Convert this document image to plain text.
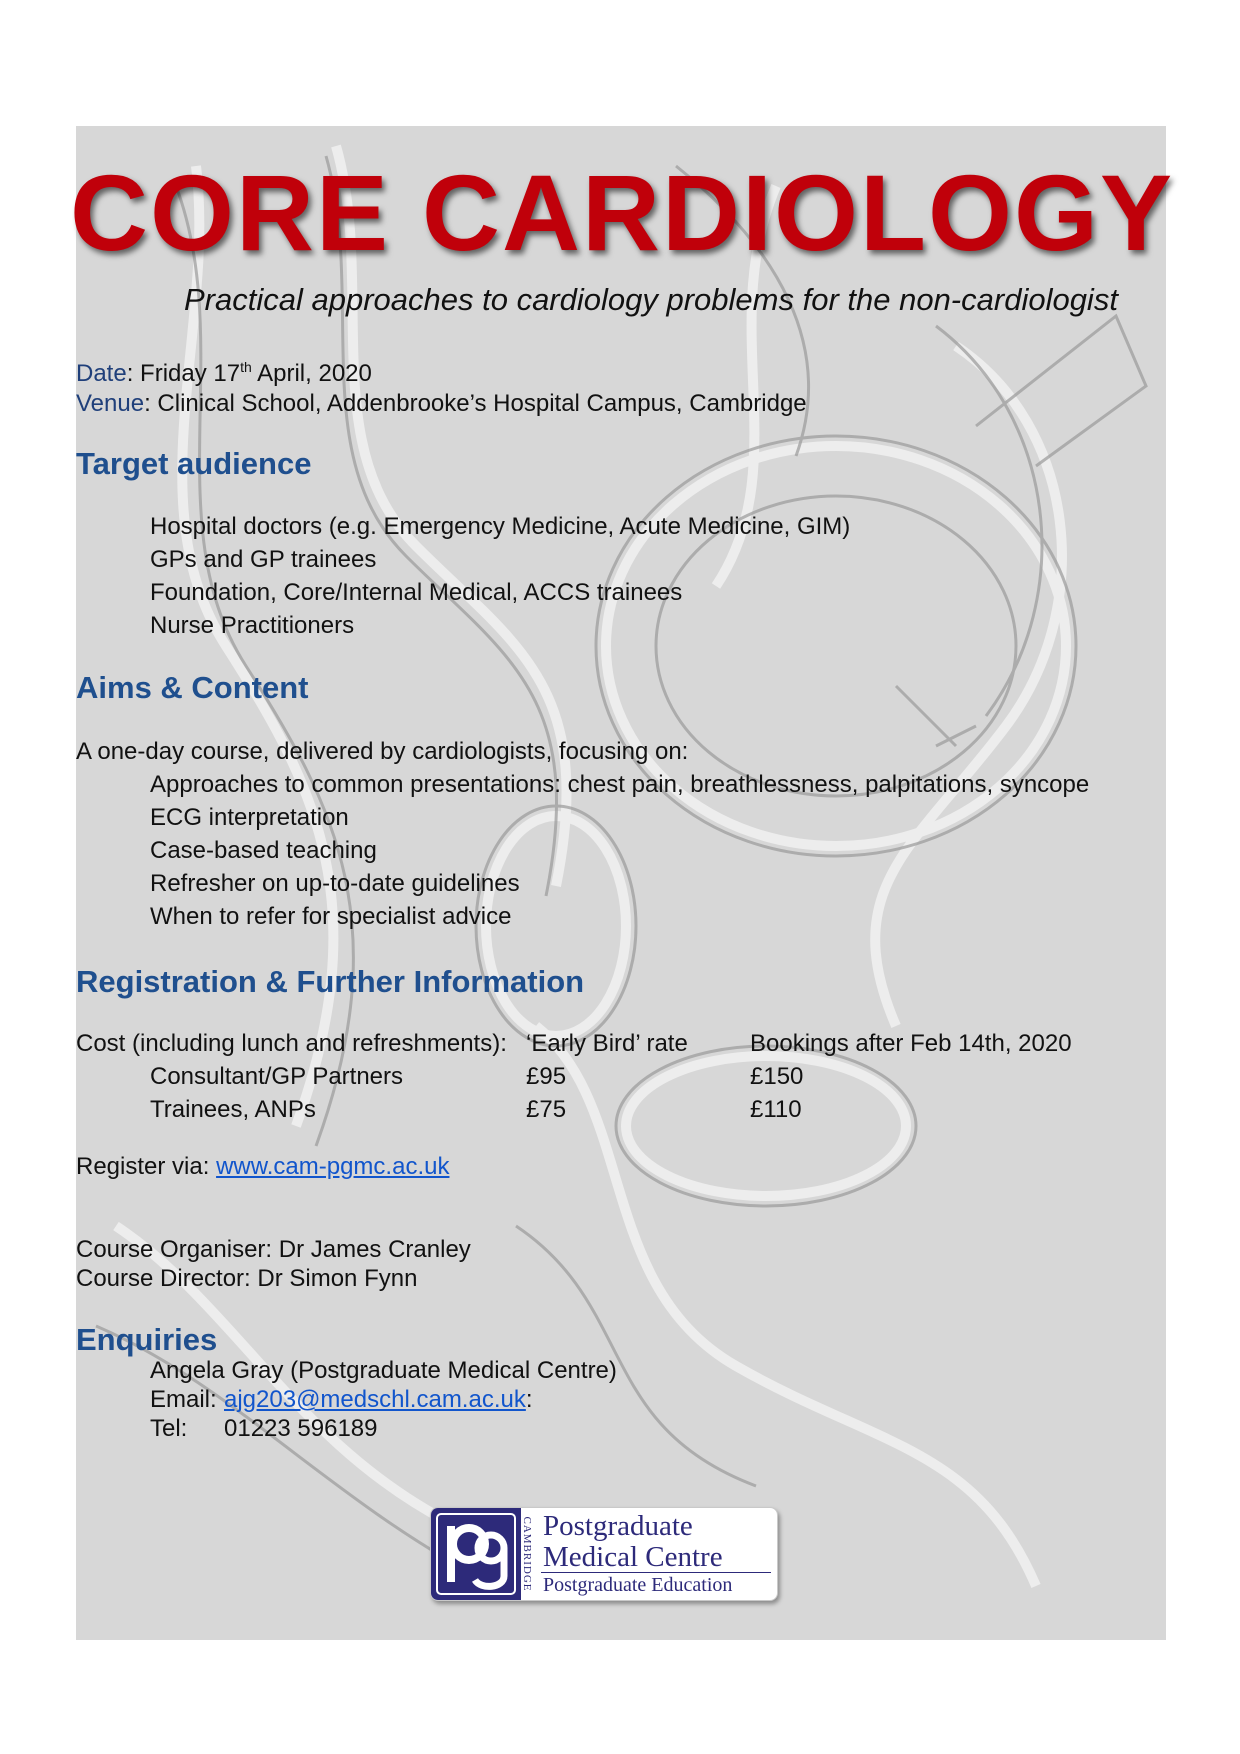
CORE CARDIOLOGY

Practical approaches to cardiology problems for the non-cardiologist

Date: Friday 17th April, 2020

Venue: Clinical School, Addenbrooke’s Hospital Campus, Cambridge

Target audience
Hospital doctors (e.g. Emergency Medicine, Acute Medicine, GIM)
GPs and GP trainees
Foundation, Core/Internal Medical, ACCS trainees
Nurse Practitioners
Aims & Content

A one-day course, delivered by cardiologists, focusing on:

Approaches to common presentations: chest pain, breathlessness, palpitations, syncope
ECG interpretation
Case-based teaching
Refresher on up-to-date guidelines
When to refer for specialist advice
Registration & Further Information
Cost (including lunch and refreshments): ‘Early Bird’ rate	Bookings after Feb 14th, 2020
Consultant/GP Partners	£95	£150
Trainees, ANPs	£75	£110

Register via: www.cam-pgmc.ac.uk

Course Organiser: Dr James Cranley

Course Director: Dr Simon Fynn

Enquiries

Angela Gray (Postgraduate Medical Centre)

Email: ajg203@medschl.cam.ac.uk:

Tel: 01223 596189

CAMBRIDGE Postgraduate
Medical Centre
Postgraduate Education
